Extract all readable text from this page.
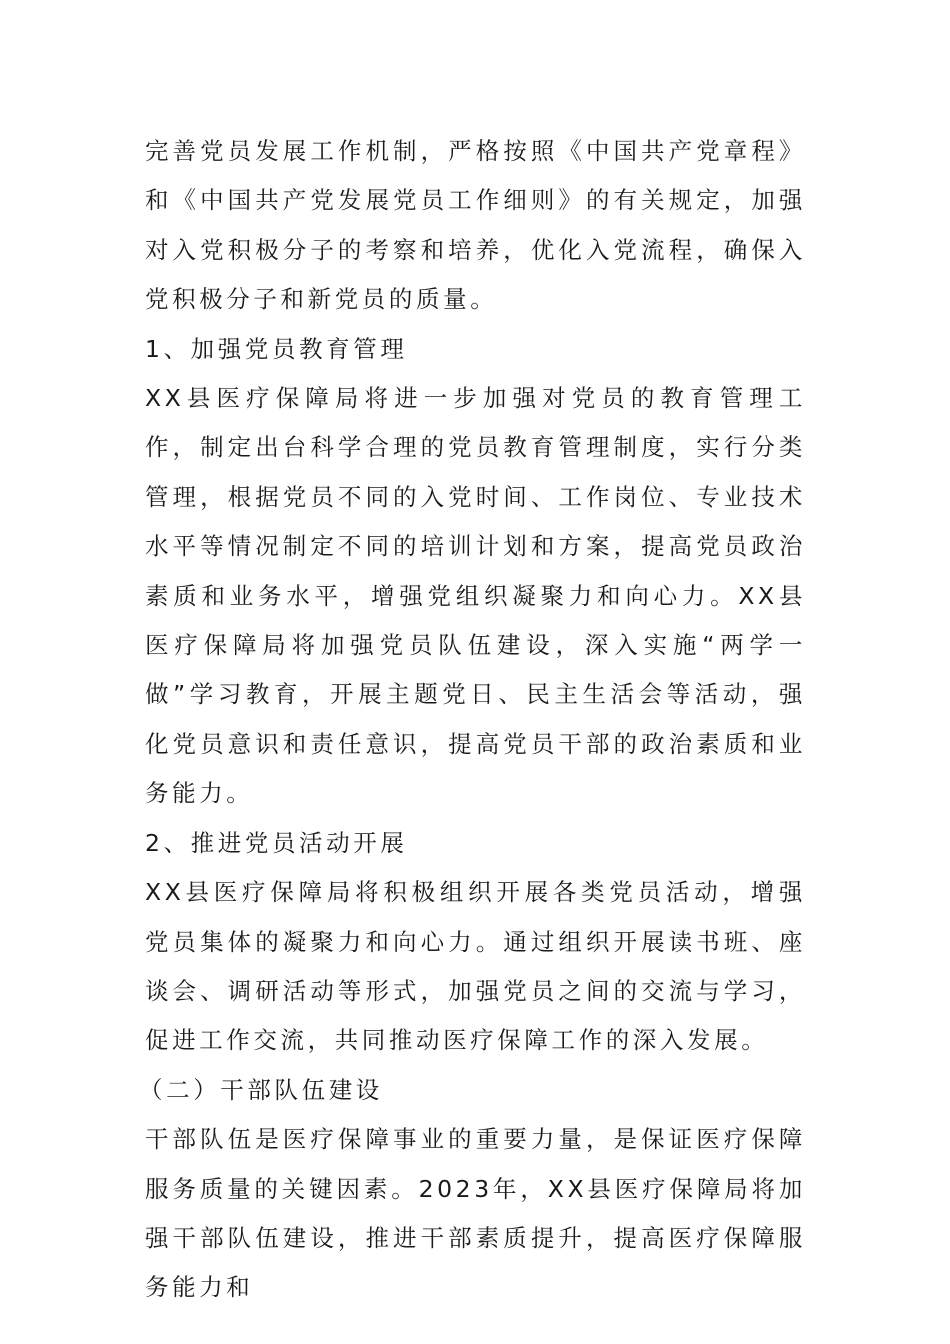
完善党员发展工作机制，严格按照《中国共产党章程》和《中国共产党发展党员工作细则》的有关规定，加强对入党积极分子的考察和培养，优化入党流程，确保入党积极分子和新党员的质量。

1、加强党员教育管理

XX县医疗保障局将进一步加强对党员的教育管理工作，制定出台科学合理的党员教育管理制度，实行分类管理，根据党员不同的入党时间、工作岗位、专业技术水平等情况制定不同的培训计划和方案，提高党员政治素质和业务水平，增强党组织凝聚力和向心力。XX县医疗保障局将加强党员队伍建设，深入实施“两学一做”学习教育，开展主题党日、民主生活会等活动，强化党员意识和责任意识，提高党员干部的政治素质和业务能力。

2、推进党员活动开展

XX县医疗保障局将积极组织开展各类党员活动，增强党员集体的凝聚力和向心力。通过组织开展读书班、座谈会、调研活动等形式，加强党员之间的交流与学习，促进工作交流，共同推动医疗保障工作的深入发展。

（二）干部队伍建设

干部队伍是医疗保障事业的重要力量，是保证医疗保障服务质量的关键因素。2023年，XX县医疗保障局将加强干部队伍建设，推进干部素质提升，提高医疗保障服务能力和
